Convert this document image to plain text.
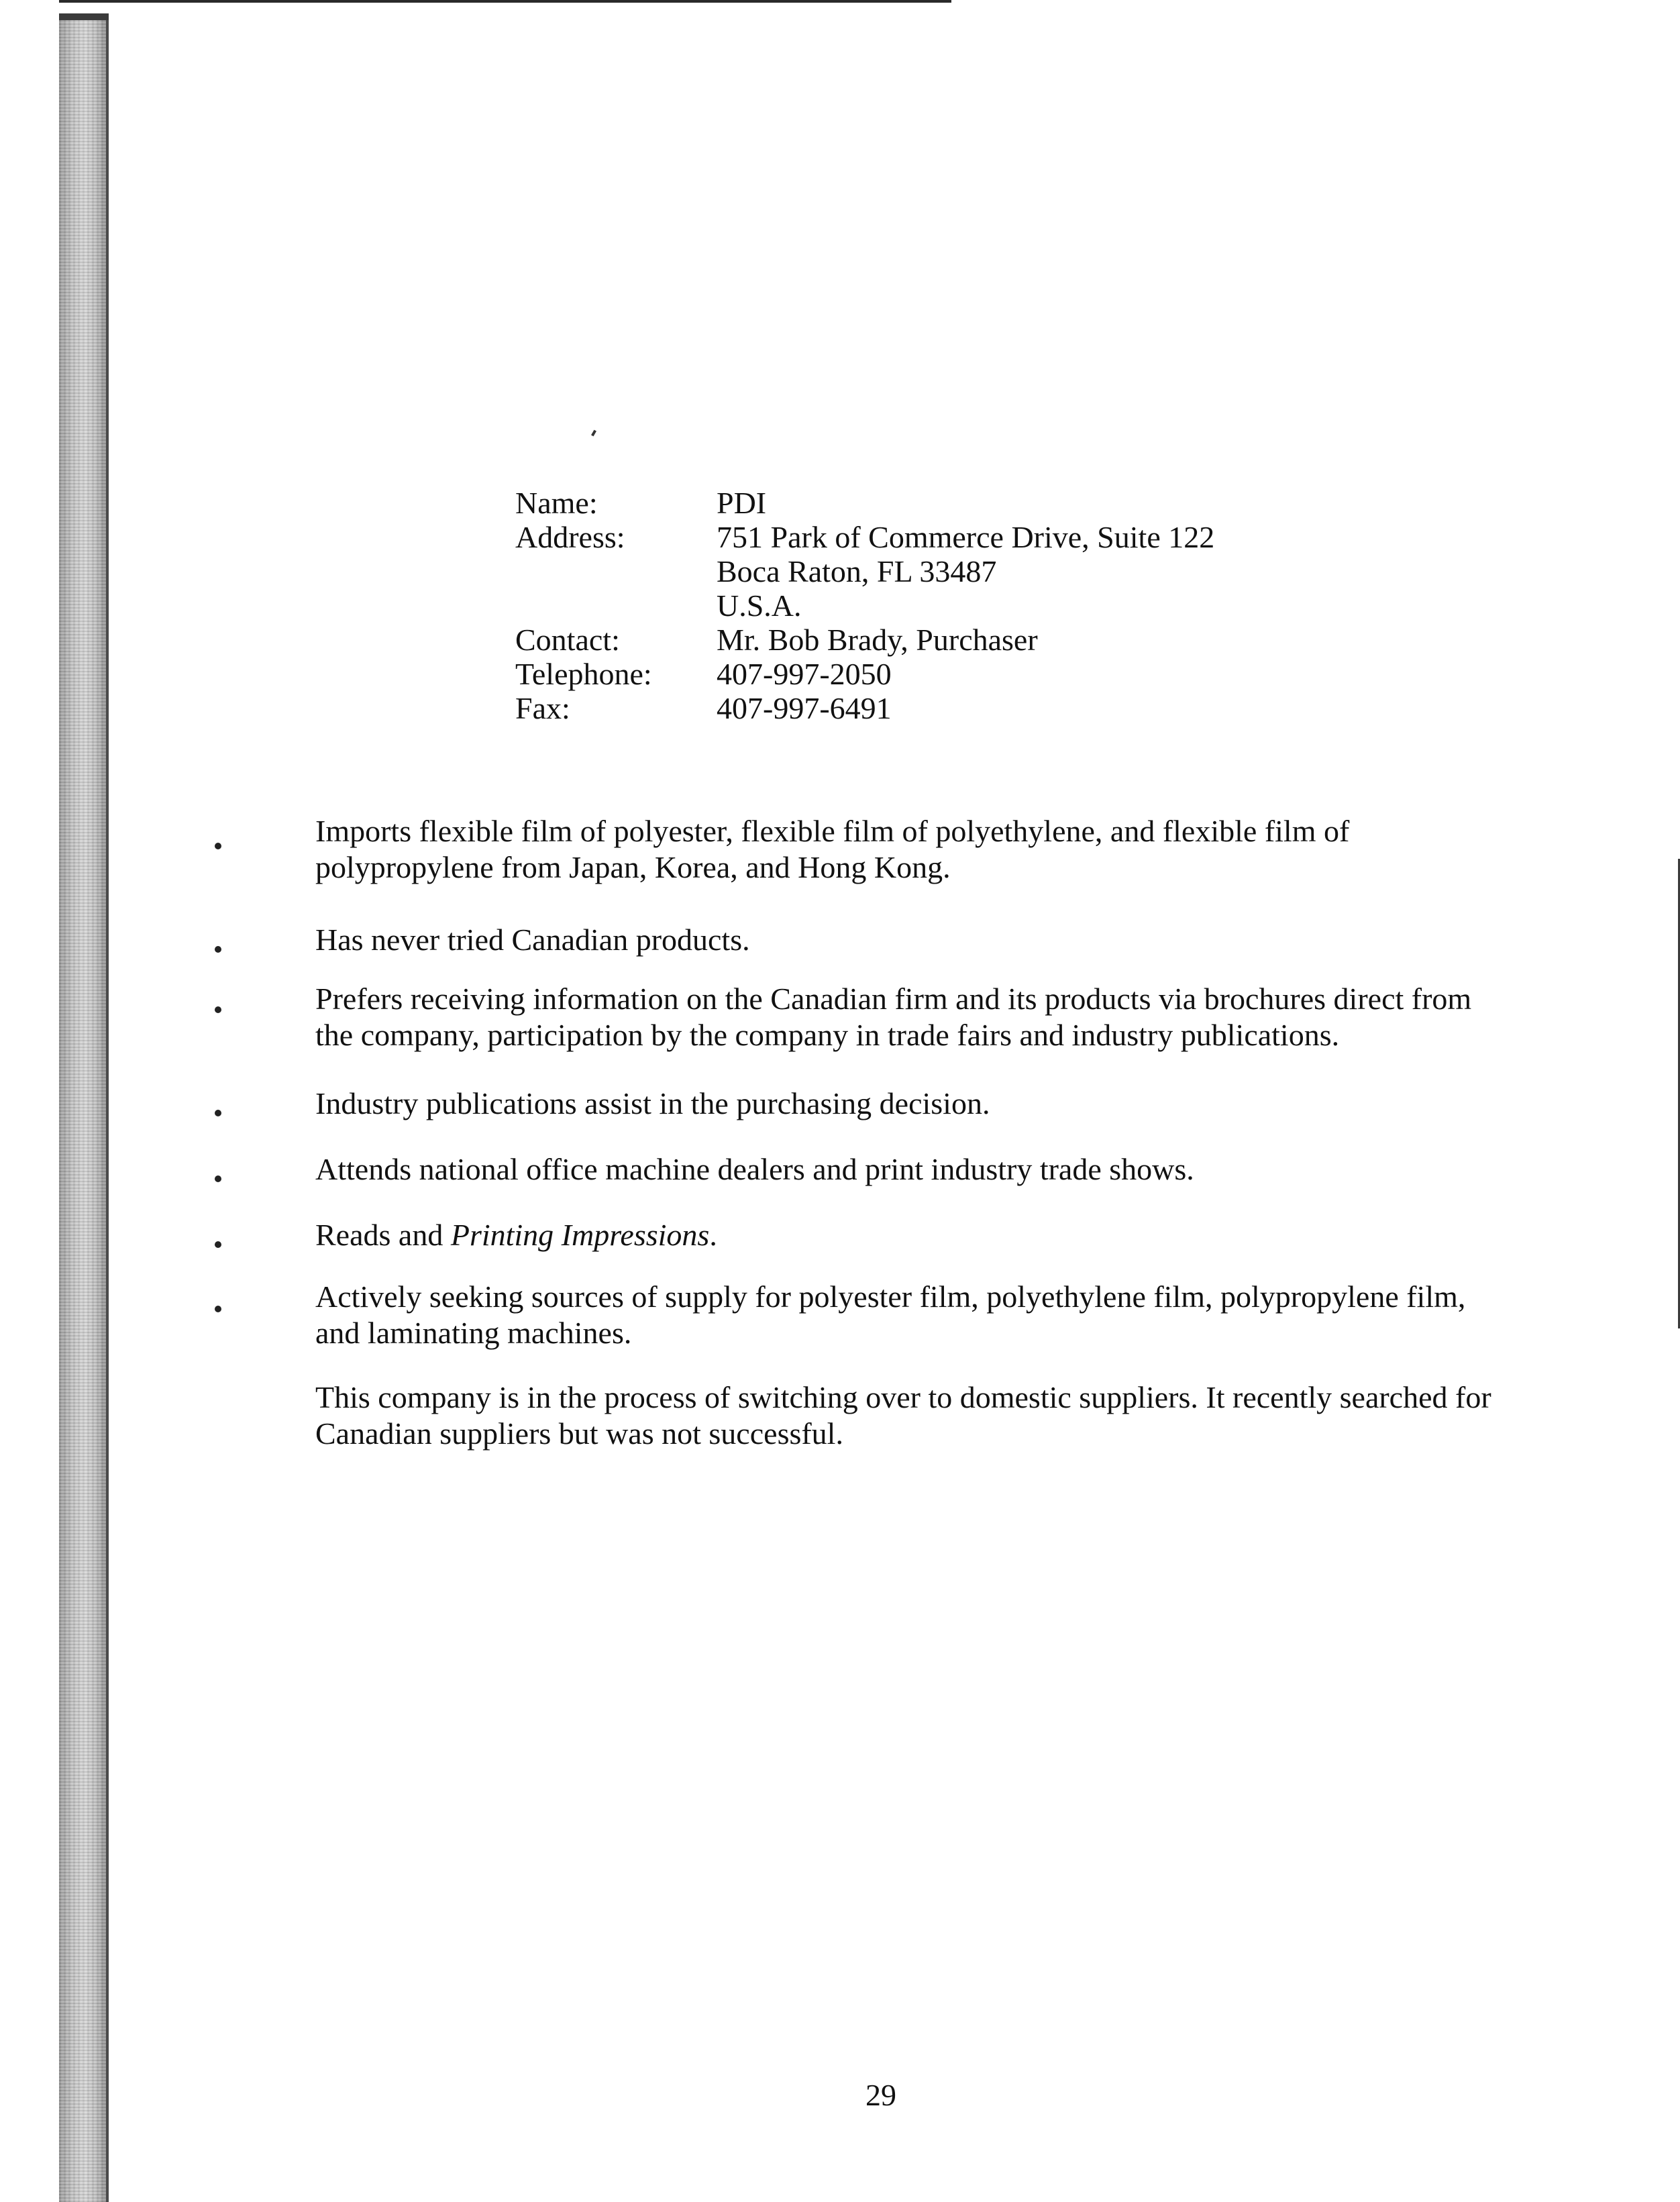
Name:	PDI
Address:	751 Park of Commerce Drive, Suite 122
Boca Raton, FL 33487
U.S.A.
Contact:	Mr. Bob Brady, Purchaser
Telephone:	407-997-2050
Fax:	407-997-6491
Imports flexible film of polyester, flexible film of polyethylene, and flexible film of polypropylene from Japan, Korea, and Hong Kong.
Has never tried Canadian products.
Prefers receiving information on the Canadian firm and its products via brochures direct from the company, participation by the company in trade fairs and industry publications.
Industry publications assist in the purchasing decision.
Attends national office machine dealers and print industry trade shows.
Reads and Printing Impressions.
Actively seeking sources of supply for polyester film, polyethylene film, polypropylene film, and laminating machines.
This company is in the process of switching over to domestic suppliers. It recently searched for Canadian suppliers but was not successful.
29
